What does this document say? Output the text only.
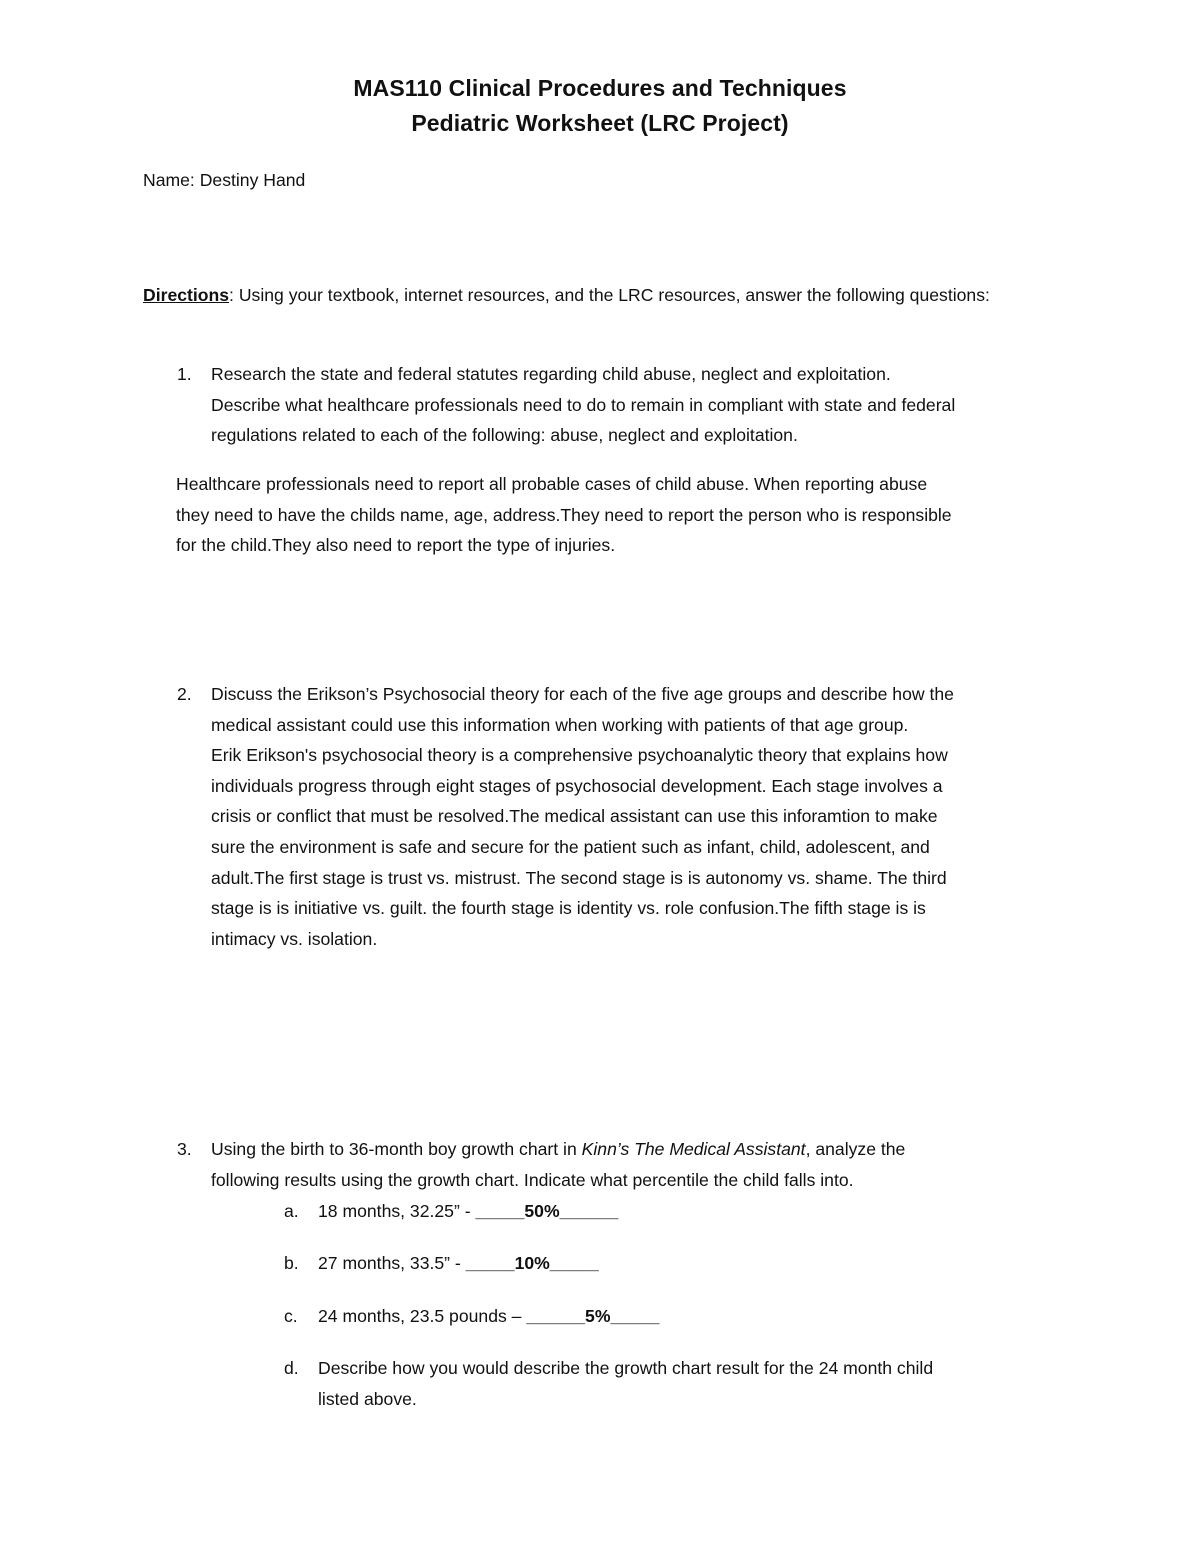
MAS110 Clinical Procedures and Techniques
Pediatric Worksheet (LRC Project)
Name: Destiny Hand
Directions: Using your textbook, internet resources, and the LRC resources, answer the following questions:
1. Research the state and federal statutes regarding child abuse, neglect and exploitation.
Describe what healthcare professionals need to do to remain in compliant with state and federal
regulations related to each of the following: abuse, neglect and exploitation.
Healthcare professionals need to report all probable cases of child abuse. When reporting abuse
they need to have the childs name, age, address.They need to report the person who is responsible
for the child.They also need to report the type of injuries.
2. Discuss the Erikson’s Psychosocial theory for each of the five age groups and describe how the
medical assistant could use this information when working with patients of that age group.
Erik Erikson's psychosocial theory is a comprehensive psychoanalytic theory that explains how
individuals progress through eight stages of psychosocial development. Each stage involves a
crisis or conflict that must be resolved.The medical assistant can use this inforamtion to make
sure the environment is safe and secure for the patient such as infant, child, adolescent, and
adult.The first stage is trust vs. mistrust. The second stage is is autonomy vs. shame. The third
stage is is initiative vs. guilt. the fourth stage is identity vs. role confusion.The fifth stage is is
intimacy vs. isolation.
3. Using the birth to 36-month boy growth chart in Kinn’s The Medical Assistant, analyze the
following results using the growth chart. Indicate what percentile the child falls into.
a. 18 months, 32.25” - _____50%______
b. 27 months, 33.5” - _____10%_____
c. 24 months, 23.5 pounds – ______5%_____
d. Describe how you would describe the growth chart result for the 24 month child
listed above.
